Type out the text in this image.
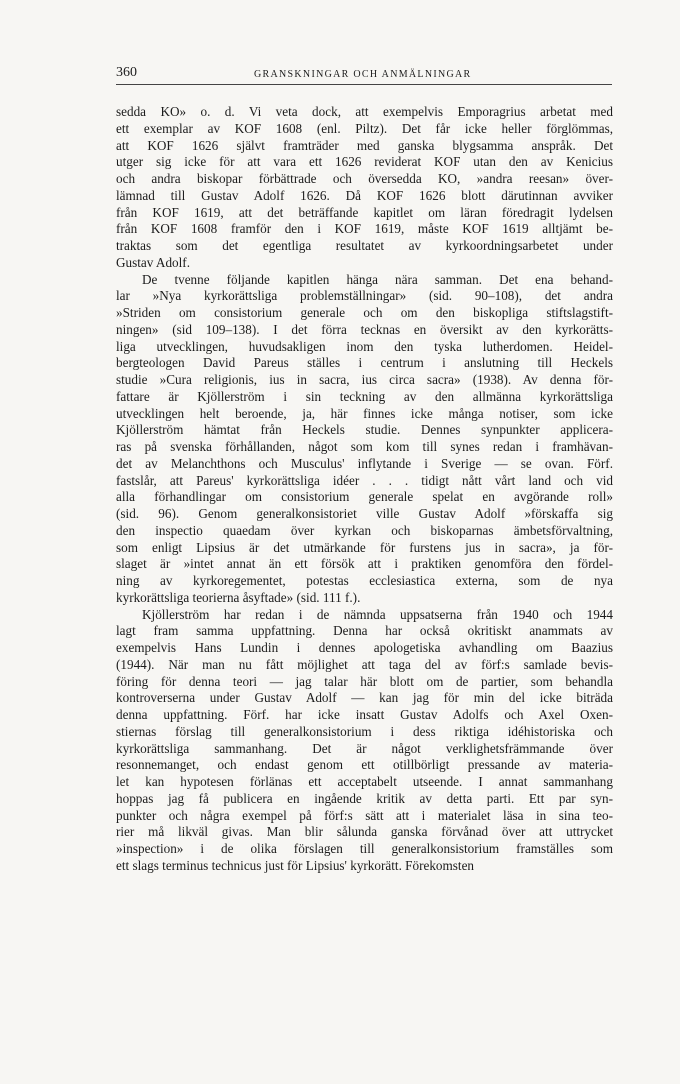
360	GRANSKNINGAR OCH ANMÄLNINGAR
sedda KO» o. d. Vi veta dock, att exempelvis Emporagrius arbetat med
ett exemplar av KOF 1608 (enl. Piltz). Det får icke heller förglömmas,
att KOF 1626 självt framträder med ganska blygsamma anspråk. Det
utger sig icke för att vara ett 1626 reviderat KOF utan den av Kenicius
och andra biskopar förbättrade och översedda KO, »andra reesan» över-
lämnad till Gustav Adolf 1626. Då KOF 1626 blott därutinnan avviker
från KOF 1619, att det beträffande kapitlet om läran föredragit lydelsen
från KOF 1608 framför den i KOF 1619, måste KOF 1619 alltjämt be-
traktas som det egentliga resultatet av kyrkoordningsarbetet under
Gustav Adolf.
De tvenne följande kapitlen hänga nära samman. Det ena behand-
lar »Nya kyrkorättsliga problemställningar» (sid. 90–108), det andra
»Striden om consistorium generale och om den biskopliga stiftslagstift-
ningen» (sid 109–138). I det förra tecknas en översikt av den kyrkorätts-
liga utvecklingen, huvudsakligen inom den tyska lutherdomen. Heidel-
bergteologen David Pareus ställes i centrum i anslutning till Heckels
studie »Cura religionis, ius in sacra, ius circa sacra» (1938). Av denna för-
fattare är Kjöllerström i sin teckning av den allmänna kyrkorättsliga
utvecklingen helt beroende, ja, här finnes icke många notiser, som icke
Kjöllerström hämtat från Heckels studie. Dennes synpunkter applicera-
ras på svenska förhållanden, något som kom till synes redan i framhävan-
det av Melanchthons och Musculus' inflytande i Sverige — se ovan. Förf.
fastslår, att Pareus' kyrkorättsliga idéer . . . tidigt nått vårt land och vid
alla förhandlingar om consistorium generale spelat en avgörande roll»
(sid. 96). Genom generalkonsistoriet ville Gustav Adolf »förskaffa sig
den inspectio quaedam över kyrkan och biskoparnas ämbetsförvaltning,
som enligt Lipsius är det utmärkande för furstens jus in sacra», ja för-
slaget är »intet annat än ett försök att i praktiken genomföra den fördel-
ning av kyrkoregementet, potestas ecclesiastica externa, som de nya
kyrkorättsliga teorierna åsyftade» (sid. 111 f.).
Kjöllerström har redan i de nämnda uppsatserna från 1940 och 1944
lagt fram samma uppfattning. Denna har också okritiskt anammats av
exempelvis Hans Lundin i dennes apologetiska avhandling om Baazius
(1944). När man nu fått möjlighet att taga del av förf:s samlade bevis-
föring för denna teori — jag talar här blott om de partier, som behandla
kontroverserna under Gustav Adolf — kan jag för min del icke biträda
denna uppfattning. Förf. har icke insatt Gustav Adolfs och Axel Oxen-
stiernas förslag till generalkonsistorium i dess riktiga idéhistoriska och
kyrkorättsliga sammanhang. Det är något verklighetsfrämmande över
resonnemanget, och endast genom ett otillbörligt pressande av materia-
let kan hypotesen förlänas ett acceptabelt utseende. I annat sammanhang
hoppas jag få publicera en ingående kritik av detta parti. Ett par syn-
punkter och några exempel på förf:s sätt att i materialet läsa in sina teo-
rier må likväl givas. Man blir sålunda ganska förvånad över att uttrycket
»inspection» i de olika förslagen till generalkonsistorium framställes som
ett slags terminus technicus just för Lipsius' kyrkorätt. Förekomsten
